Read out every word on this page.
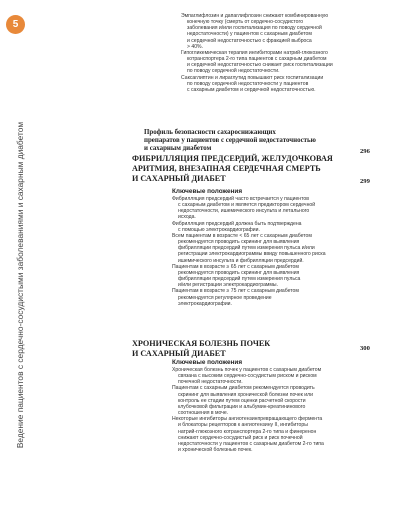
5
Ведение пациентов с сердечно-сосудистыми заболеваниями и сахарным диабетом

Эмпаглифлозин и дапаглифлозин снижают комбинированную

конечную точку (смерть от сердечно-сосудистого

заболевания и/или госпитализация по поводу сердечной

недостаточности) у пациентов с сахарным диабетом

и сердечной недостаточностью с фракцией выброса

> 40%.

Гипогликемическая терапия ингибиторами натрий-глюкозного

котранспортера 2-го типа пациентов с сахарным диабетом

и сердечной недостаточностью снижает риск госпитализации

по поводу сердечной недостаточности.

Саксаглиптин и лираглутид повышают риск госпитализации

по поводу сердечной недостаточности у пациентов

с сахарным диабетом и сердечной недостаточностью.

Профиль безопасности сахароснижающих
препаратов у пациентов с сердечной недостаточностью
и сахарным диабетом	296
ФИБРИЛЛЯЦИЯ ПРЕДСЕРДИЙ, ЖЕЛУДОЧКОВАЯ
АРИТМИЯ, ВНЕЗАПНАЯ СЕРДЕЧНАЯ СМЕРТЬ
И САХАРНЫЙ ДИАБЕТ	299
Ключевые положения

Фибрилляция предсердий часто встречается у пациентов
с сахарным диабетом и является предиктором сердечной
недостаточности, ишемического инсульта и летального
исхода.

Фибрилляция предсердий должна быть подтверждена
с помощью электрокардиографии.

Всем пациентам в возрасте < 65 лет с сахарным диабетом
рекомендуется проводить скрининг для выявления
фибрилляции предсердий путем измерения пульса и/или
регистрации электрокардиограммы ввиду повышенного риска
ишемического инсульта и фибрилляции предсердий.

Пациентам в возрасте ≥ 65 лет с сахарным диабетом
рекомендуется проводить скрининг для выявления
фибрилляции предсердий путем измерения пульса
и/или регистрации электрокардиограммы.

Пациентам в возрасте ≥ 75 лет с сахарным диабетом
рекомендуется регулярное проведение
электрокардиографии.

ХРОНИЧЕСКАЯ БОЛЕЗНЬ ПОЧЕК
И САХАРНЫЙ ДИАБЕТ
300
Ключевые положения

Хроническая болезнь почек у пациентов с сахарным диабетом
связана с высоким сердечно-сосудистым риском и риском
почечной недостаточности.

Пациентам с сахарным диабетом рекомендуется проводить
скрининг для выявления хронической болезни почек или
контроль ее стадии путем оценки расчетной скорости
клубочковой фильтрации и альбумин-креатининового
соотношения в моче.

Некоторые ингибиторы ангиотензинпревращающего фермента
и блокаторы рецепторов к ангиотензину II, ингибиторы
натрий-глюкозного котранспортера 2-го типа и финеренон
снижают сердечно-сосудистый риск и риск почечной
недостаточности у пациентов с сахарным диабетом 2-го типа
и хронической болезнью почек.
